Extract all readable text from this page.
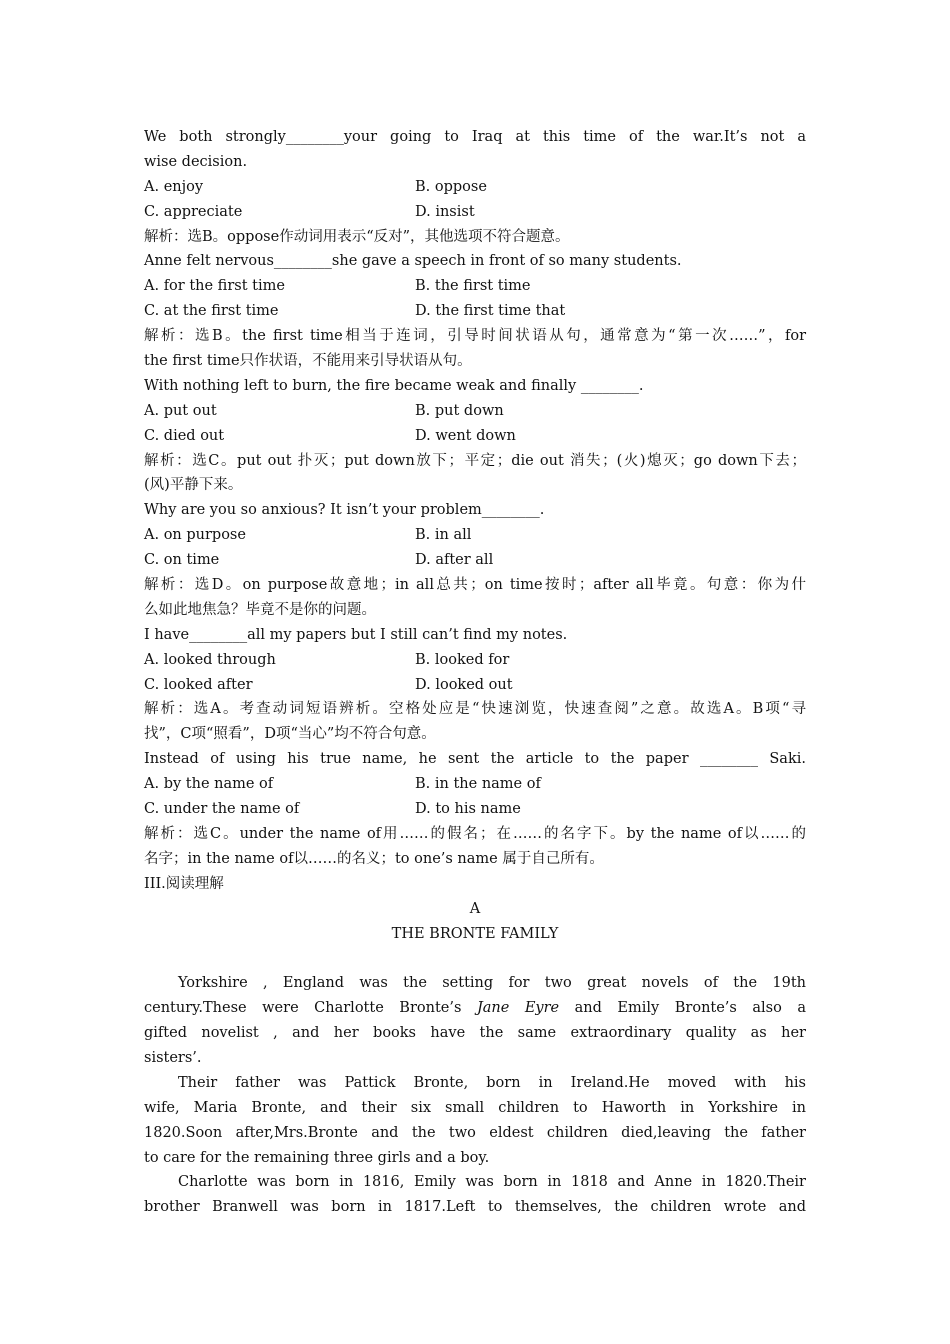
We both strongly________your going to Iraq at this time of the war.It’s not a
wise decision.
A. enjoy	B. oppose
C. appreciate	D. insist
解析：选B。oppose作动词用表示“反对”，其他选项不符合题意。
Anne felt nervous________she gave a speech in front of so many students.
A. for the first time	B. the first time
C. at the first time	D. the first time that
解析：选B。the first time相当于连词，引导时间状语从句，通常意为“第一次……”，for
the first time只作状语，不能用来引导状语从句。
With nothing left to burn, the fire became weak and finally ________.
A. put out	B. put down
C. died out	D. went down
解析：选C。put out 扑灭；put down放下；平定；die out 消失；(火)熄灭；go down下去；
(风)平静下来。
Why are you so anxious? It isn’t your problem________.
A. on purpose	B. in all
C. on time	D. after all
解析：选D。on purpose故意地；in all总共；on time按时；after all毕竟。句意：你为什
么如此地焦急？毕竟不是你的问题。
I have________all my papers but I still can’t find my notes.
A. looked through	B. looked for
C. looked after	D. looked out
解析：选A。考查动词短语辨析。空格处应是“快速浏览，快速查阅”之意。故选A。B项“寻
找”，C项“照看”，D项“当心”均不符合句意。
Instead of using his true name, he sent the article to the paper ________ Saki.
A. by the name of	B. in the name of
C. under the name of	D. to his name
解析：选C。under the name of用……的假名；在……的名字下。by the name of以……的
名字；in the name of以……的名义；to one’s name 属于自己所有。
III.阅读理解
A
THE BRONTE FAMILY
Yorkshire , England was the setting for two great novels of the 19th
century.These were Charlotte Bronte’s Jane Eyre and Emily Bronte’s also a
gifted novelist , and her books have the same extraordinary quality as her
sisters’.
Their father was Pattick Bronte, born in Ireland.He moved with his
wife, Maria Bronte, and their six small children to Haworth in Yorkshire in
1820.Soon after,Mrs.Bronte and the two eldest children died,leaving the father
to care for the remaining three girls and a boy.
Charlotte was born in 1816, Emily was born in 1818 and Anne in 1820.Their
brother Branwell was born in 1817.Left to themselves, the children wrote and
